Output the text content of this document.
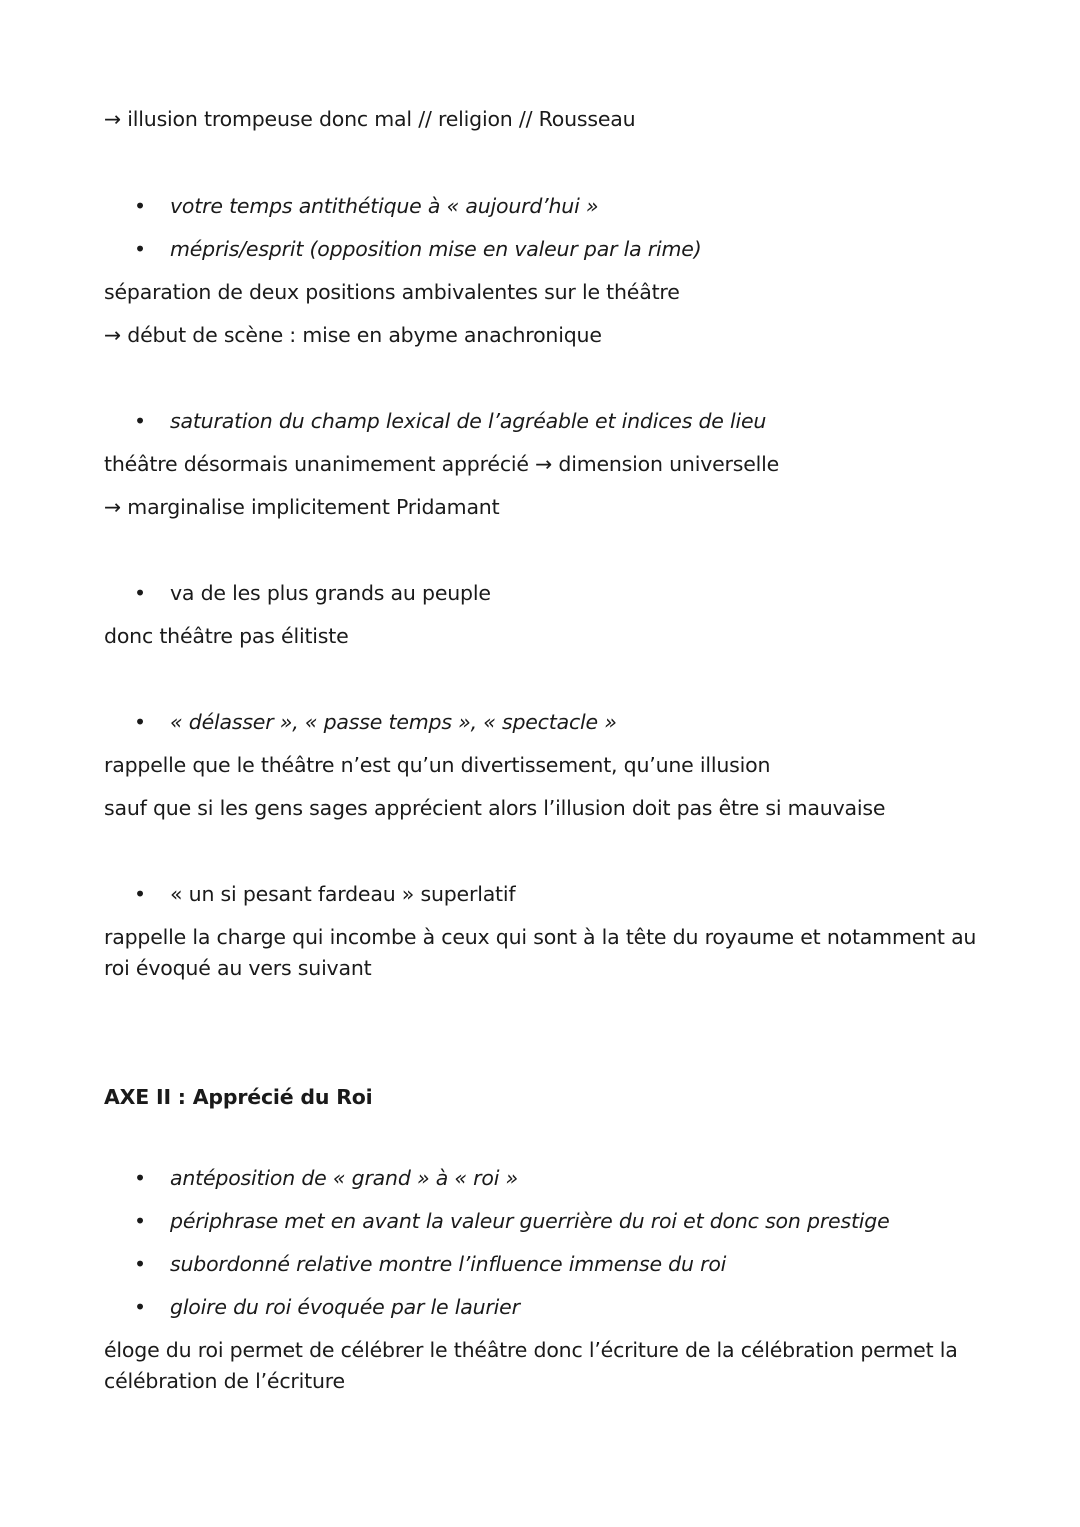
→ illusion trompeuse donc mal // religion // Rousseau
• votre temps antithétique à « aujourd’hui »
• mépris/esprit (opposition mise en valeur par la rime)
séparation de deux positions ambivalentes sur le théâtre
→ début de scène : mise en abyme anachronique
• saturation du champ lexical de l’agréable et indices de lieu
théâtre désormais unanimement apprécié → dimension universelle
→ marginalise implicitement Pridamant
• va de les plus grands au peuple
donc théâtre pas élitiste
• « délasser », « passe temps », « spectacle »
rappelle que le théâtre n’est qu’un divertissement, qu’une illusion
sauf que si les gens sages apprécient alors l’illusion doit pas être si mauvaise
• « un si pesant fardeau » superlatif
rappelle la charge qui incombe à ceux qui sont à la tête du royaume et notamment au roi évoqué au vers suivant
AXE II : Apprécié du Roi
• antéposition de « grand » à « roi »
• périphrase met en avant la valeur guerrière du roi et donc son prestige
• subordonné relative montre l’influence immense du roi
• gloire du roi évoquée par le laurier
éloge du roi permet de célébrer le théâtre donc l’écriture de la célébration permet la célébration de l’écriture
